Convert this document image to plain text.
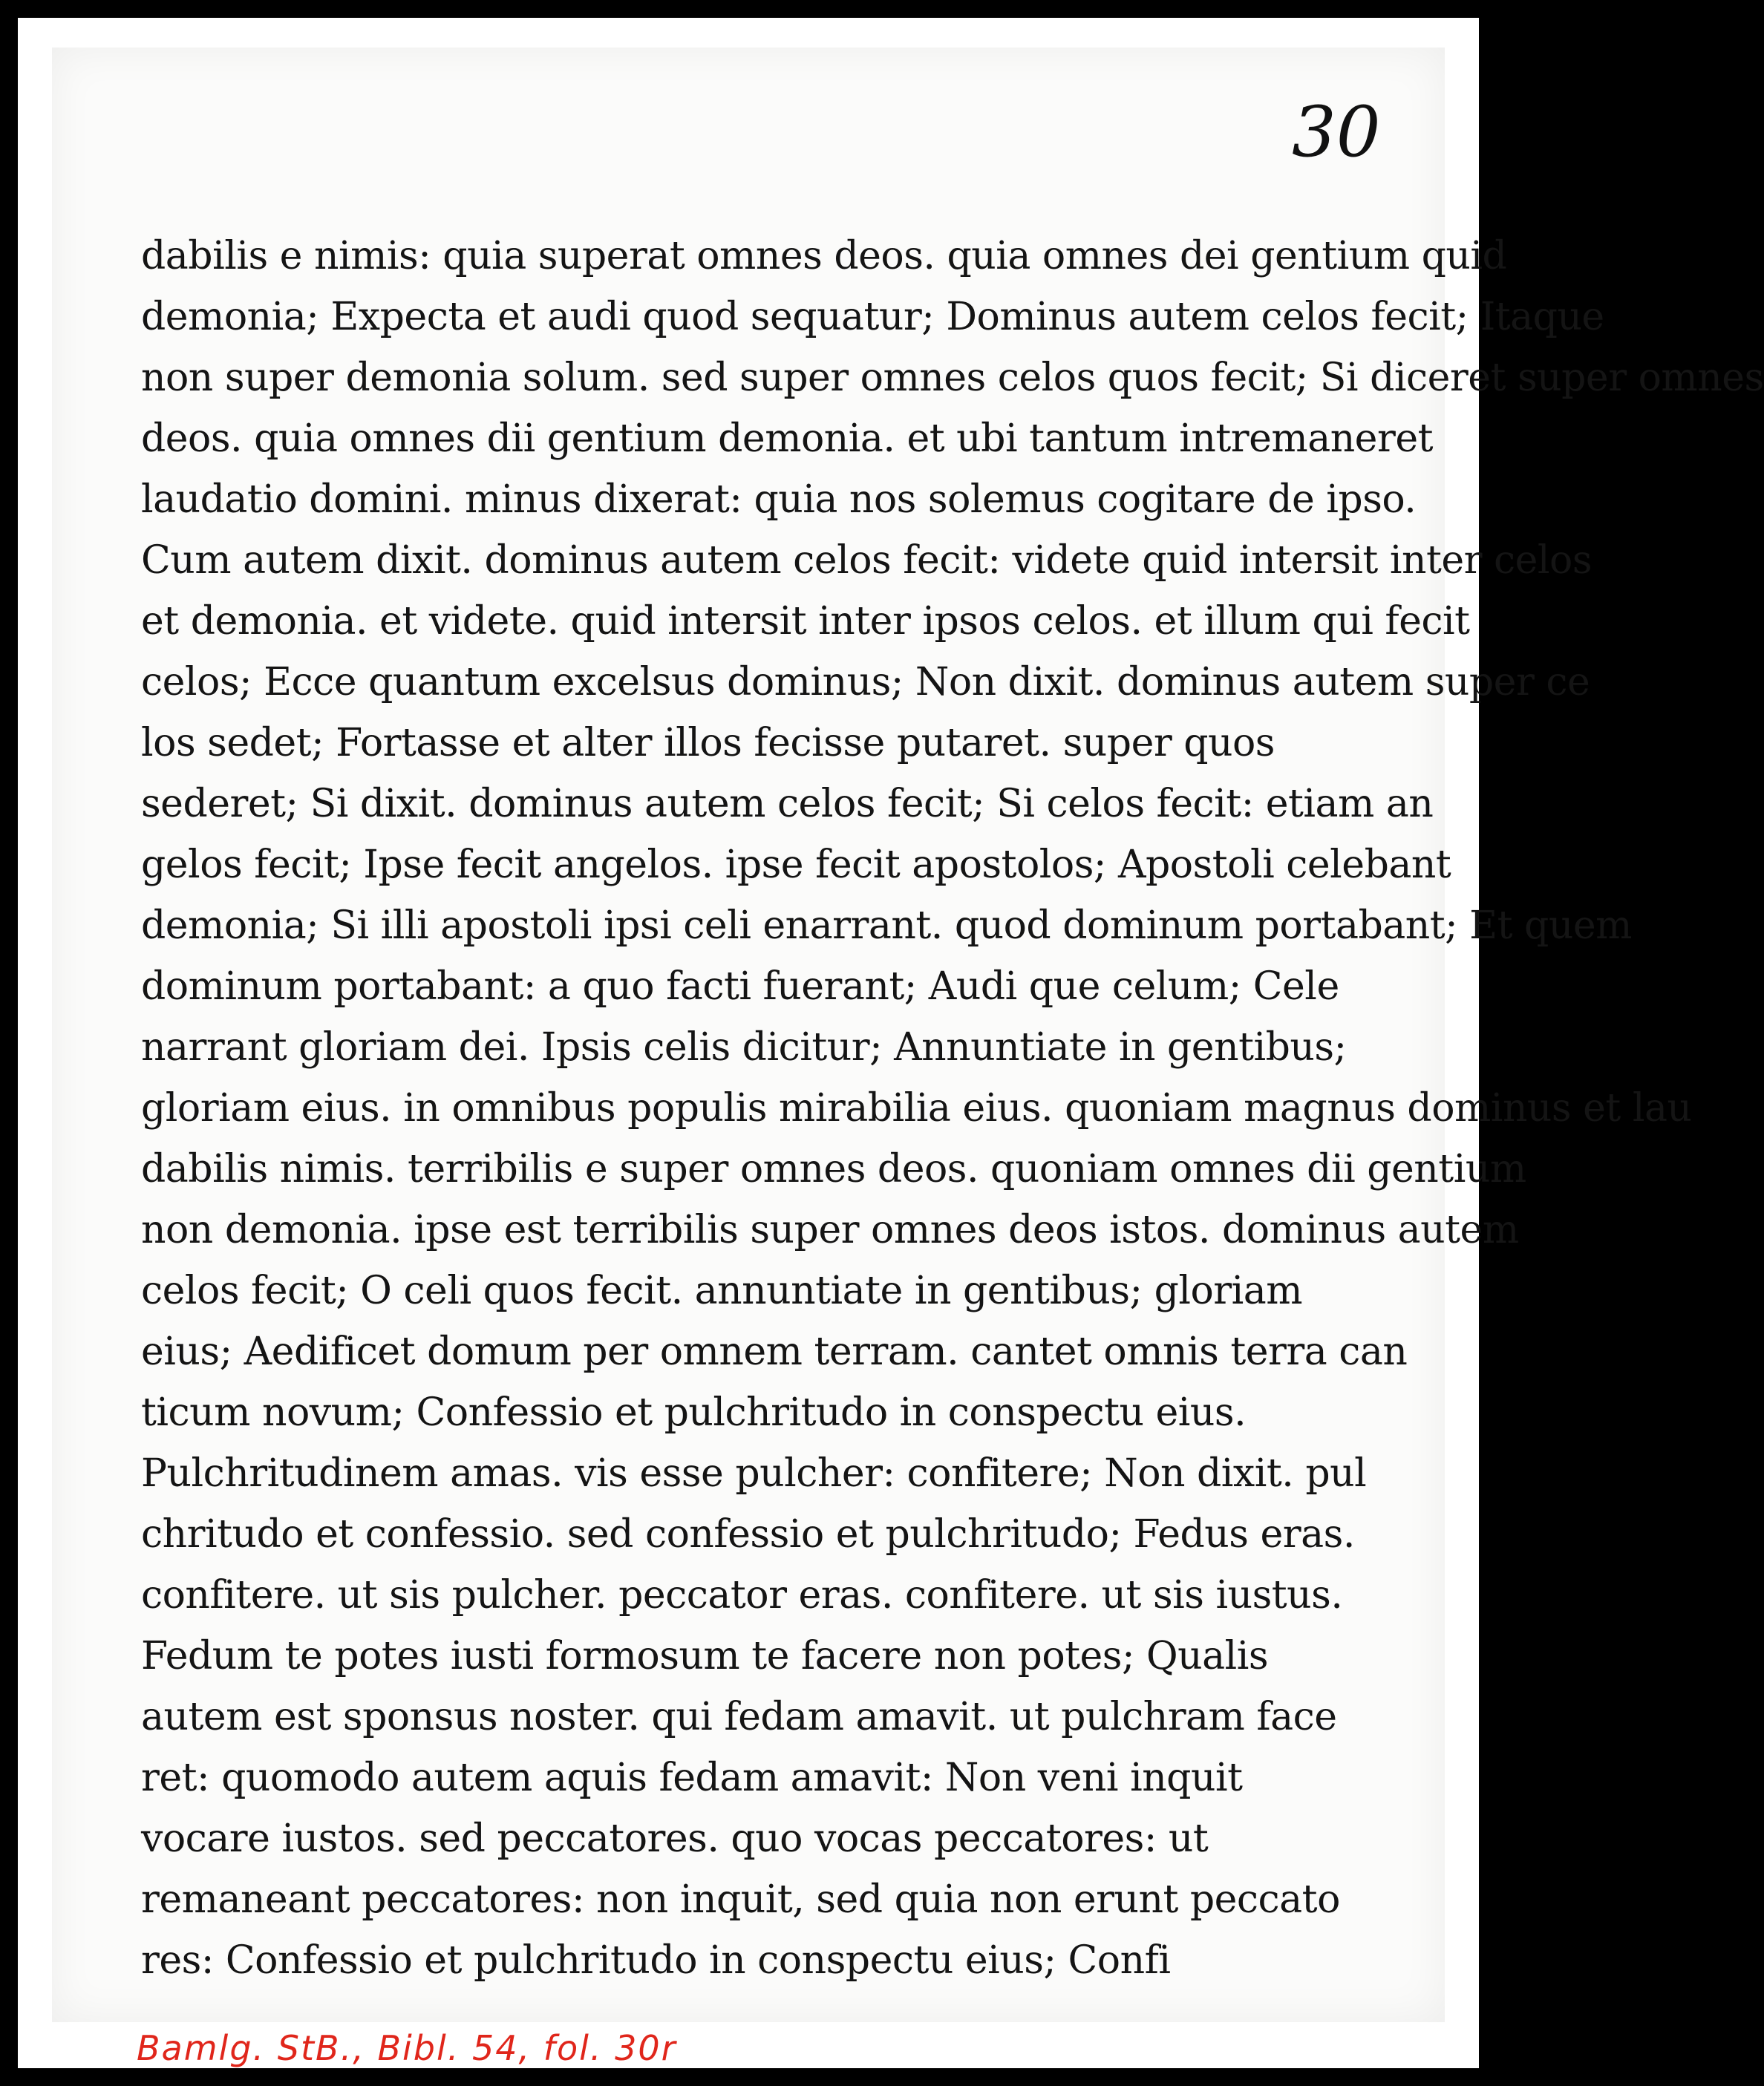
30

dabilis e nimis: quia superat omnes deos. quia omnes dei gentium quid
demonia; Expecta et audi quod sequatur; Dominus autem celos fecit; Itaque
non super demonia solum. sed super omnes celos quos fecit; Si diceret super omnes
deos. quia omnes dii gentium demonia. et ubi tantum intremaneret
laudatio domini. minus dixerat: quia nos solemus cogitare de ipso.
Cum autem dixit. dominus autem celos fecit: videte quid intersit inter celos
et demonia. et videte. quid intersit inter ipsos celos. et illum qui fecit
celos; Ecce quantum excelsus dominus; Non dixit. dominus autem super ce
los sedet; Fortasse et alter illos fecisse putaret. super quos
sederet; Si dixit. dominus autem celos fecit; Si celos fecit: etiam an
gelos fecit; Ipse fecit angelos. ipse fecit apostolos; Apostoli celebant
demonia; Si illi apostoli ipsi celi enarrant. quod dominum portabant; Et quem
dominum portabant: a quo facti fuerant; Audi que celum; Cele
narrant gloriam dei. Ipsis celis dicitur; Annuntiate in gentibus;
gloriam eius. in omnibus populis mirabilia eius. quoniam magnus dominus et lau
dabilis nimis. terribilis e super omnes deos. quoniam omnes dii gentium
non demonia. ipse est terribilis super omnes deos istos. dominus autem
celos fecit; O celi quos fecit. annuntiate in gentibus; gloriam
eius; Aedificet domum per omnem terram. cantet omnis terra can
ticum novum; Confessio et pulchritudo in conspectu eius.
Pulchritudinem amas. vis esse pulcher: confitere; Non dixit. pul
chritudo et confessio. sed confessio et pulchritudo; Fedus eras.
confitere. ut sis pulcher. peccator eras. confitere. ut sis iustus.
Fedum te potes iusti formosum te facere non potes; Qualis
autem est sponsus noster. qui fedam amavit. ut pulchram face
ret: quomodo autem aquis fedam amavit: Non veni inquit
vocare iustos. sed peccatores. quo vocas peccatores: ut
remaneant peccatores: non inquit, sed quia non erunt peccato
res: Confessio et pulchritudo in conspectu eius; Confi

Bamlg. StB., Bibl. 54, fol. 30r
